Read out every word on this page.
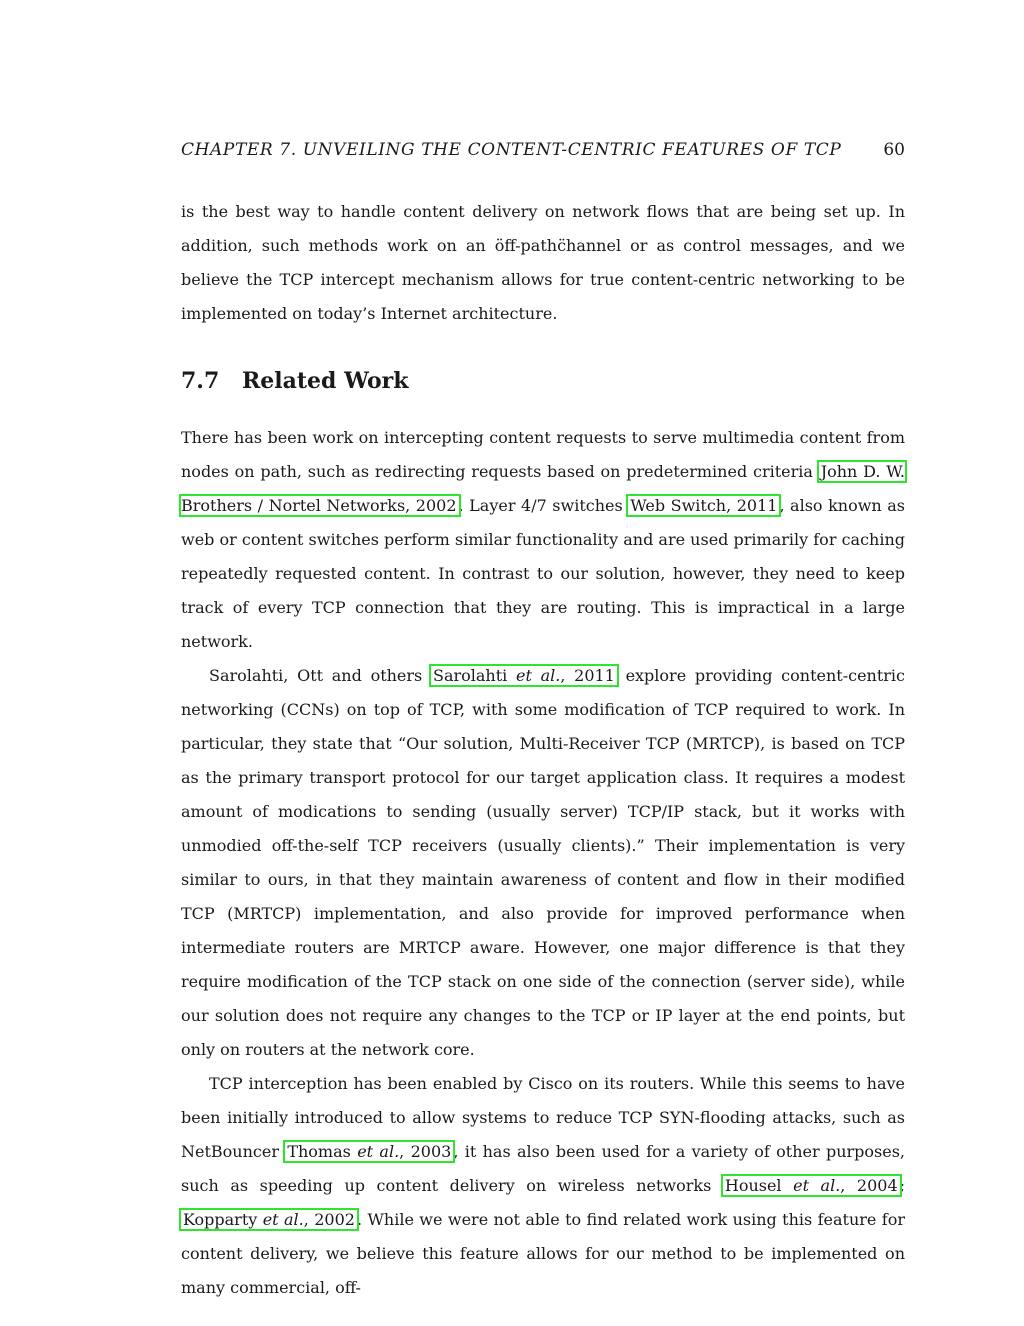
CHAPTER 7. UNVEILING THE CONTENT-CENTRIC FEATURES OF TCP	60
is the best way to handle content delivery on network flows that are being set up. In addition, such methods work on an öff-pathc̈hannel or as control messages, and we believe the TCP intercept mechanism allows for true content-centric networking to be implemented on today’s Internet architecture.
7.7 Related Work

There has been work on intercepting content requests to serve multimedia content from nodes on path, such as redirecting requests based on predetermined criteria John D. W. Brothers / Nortel Networks, 2002 . Layer 4/7 switches Web Switch, 2011 , also known as web or content switches perform similar functionality and are used primarily for caching repeatedly requested content. In contrast to our solution, however, they need to keep track of every TCP connection that they are routing. This is impractical in a large network.

Sarolahti, Ott and others Sarolahti et al., 2011 explore providing content-centric networking (CCNs) on top of TCP, with some modification of TCP required to work. In particular, they state that “Our solution, Multi-Receiver TCP (MRTCP), is based on TCP as the primary transport protocol for our target application class. It requires a modest amount of modications to sending (usually server) TCP/IP stack, but it works with unmodied off-the-self TCP receivers (usually clients).” Their implementation is very similar to ours, in that they maintain awareness of content and flow in their modified TCP (MRTCP) implementation, and also provide for improved performance when intermediate routers are MRTCP aware. However, one major difference is that they require modification of the TCP stack on one side of the connection (server side), while our solution does not require any changes to the TCP or IP layer at the end points, but only on routers at the network core.

TCP interception has been enabled by Cisco on its routers. While this seems to have been initially introduced to allow systems to reduce TCP SYN-flooding attacks, such as NetBouncer Thomas et al., 2003 , it has also been used for a variety of other purposes, such as speeding up content delivery on wireless networks Housel et al., 2004 ; Kopparty et al., 2002 . While we were not able to find related work using this feature for content delivery, we believe this feature allows for our method to be implemented on many commercial, off-
